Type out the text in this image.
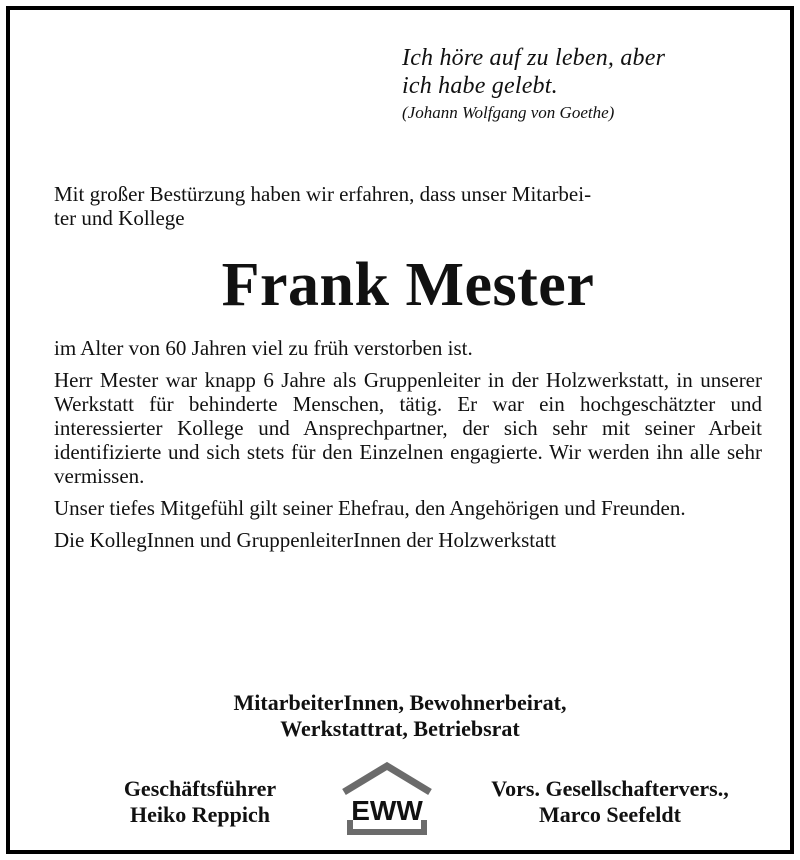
Ich höre auf zu leben, aber
ich habe gelebt.
(Johann Wolfgang von Goethe)

Mit großer Bestürzung haben wir erfahren, dass unser Mitarbei-
ter und Kollege

Frank Mester

im Alter von 60 Jahren viel zu früh verstorben ist.

Herr Mester war knapp 6 Jahre als Gruppenleiter in der Holzwerkstatt, in unserer Werkstatt für behinderte Menschen, tätig. Er war ein hochgeschätzter und interessierter Kollege und Ansprechpartner, der sich sehr mit seiner Arbeit identifizierte und sich stets für den Einzelnen engagierte. Wir werden ihn alle sehr vermissen.

Unser tiefes Mitgefühl gilt seiner Ehefrau, den Angehörigen und Freunden.

Die KollegInnen und GruppenleiterInnen der Holzwerkstatt

MitarbeiterInnen, Bewohnerbeirat,
Werkstattrat, Betriebsrat
Geschäftsführer
Heiko Reppich	EWW
Vors. Gesellschaftervers.,
Marco Seefeldt
